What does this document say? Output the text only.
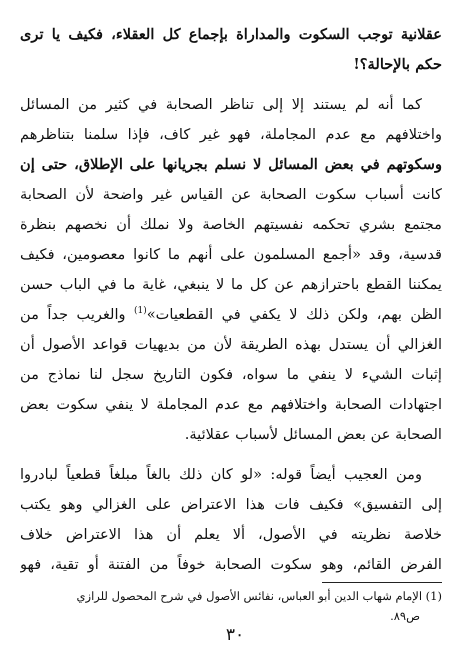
عقلانية توجب السكوت والمداراة بإجماع كل العقلاء، فكيف يا ترى
حكم بالإحالة؟!
كما أنه لم يستند إلا إلى تناظر الصحابة في كثير من المسائل
واختلافهم مع عدم المجاملة، فهو غير كاف، فإذا سلمنا بتناظرهم
وسكوتهم في بعض المسائل لا نسلم بجريانها على الإطلاق، حتى إن
كانت أسباب سكوت الصحابة عن القياس غير واضحة لأن الصحابة
مجتمع بشري تحكمه نفسيتهم الخاصة ولا نملك أن نخصهم بنظرة
قدسية، وقد «أجمع المسلمون على أنهم ما كانوا معصومين، فكيف
يمكننا القطع باحترازهم عن كل ما لا ينبغي، غاية ما في الباب حسن
الظن بهم، ولكن ذلك لا يكفي في القطعيات»$^{(1)}$ والغريب جداً من
الغزالي أن يستدل بهذه الطريقة لأن من بديهيات قواعد الأصول أن
إثبات الشيء لا ينفي ما سواه، فكون التاريخ سجل لنا نماذج من
اجتهادات الصحابة واختلافهم مع عدم المجاملة لا ينفي سكوت بعض
الصحابة عن بعض المسائل لأسباب عقلائية.
ومن العجيب أيضاً قوله: «لو كان ذلك بالغاً مبلغاً قطعياً لبادروا
إلى التفسيق» فكيف فات هذا الاعتراض على الغزالي وهو يكتب
خلاصة نظريته في الأصول، ألا يعلم أن هذا الاعتراض خلاف
الفرض القائم، وهو سكوت الصحابة خوفاً من الفتنة أو تقية، فهو
(1) الإمام شهاب الدين أبو العباس، نفائس الأصول في شرح المحصول للرازي
ص٨٩.
٣٠
